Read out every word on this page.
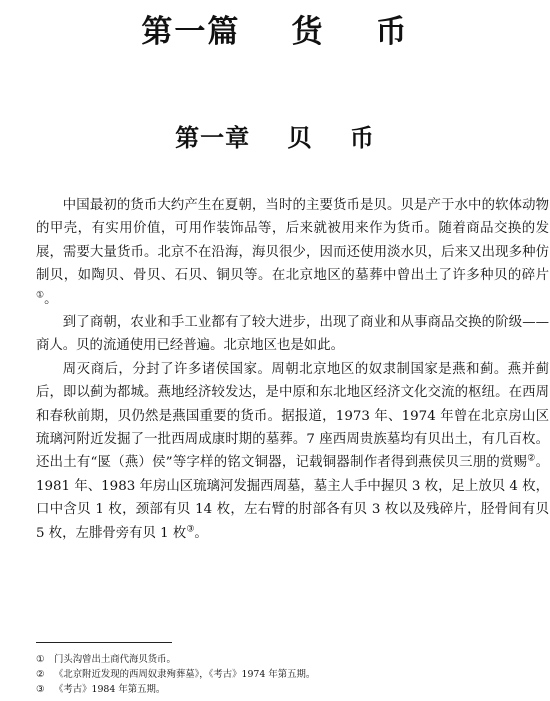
第一篇    货    币
第一章    贝    币

中国最初的货币大约产生在夏朝，当时的主要货币是贝。贝是产于水中的软体动物的甲壳，有实用价值，可用作装饰品等，后来就被用来作为货币。随着商品交换的发展，需要大量货币。北京不在沿海，海贝很少，因而还使用淡水贝，后来又出现多种仿制贝，如陶贝、骨贝、石贝、铜贝等。在北京地区的墓葬中曾出土了许多种贝的碎片①。

到了商朝，农业和手工业都有了较大进步，出现了商业和从事商品交换的阶级——商人。贝的流通使用已经普遍。北京地区也是如此。

周灭商后，分封了许多诸侯国家。周朝北京地区的奴隶制国家是燕和蓟。燕并蓟后，即以蓟为都城。燕地经济较发达，是中原和东北地区经济文化交流的枢纽。在西周和春秋前期，贝仍然是燕国重要的货币。据报道，1973 年、1974 年曾在北京房山区琉璃河附近发掘了一批西周成康时期的墓葬。7 座西周贵族墓均有贝出土，有几百枚。还出土有“匽（燕）侯”等字样的铭文铜器，记载铜器制作者得到燕侯贝三朋的赏赐②。1981 年、1983 年房山区琉璃河发掘西周墓，墓主人手中握贝 3 枚，足上放贝 4 枚，口中含贝 1 枚，颈部有贝 14 枚，左右臂的肘部各有贝 3 枚以及残碎片，胫骨间有贝 5 枚，左腓骨旁有贝 1 枚③。

①	门头沟曾出土商代海贝货币。
②	《北京附近发现的西周奴隶殉葬墓》，《考古》1974 年第五期。
③	《考古》1984 年第五期。
